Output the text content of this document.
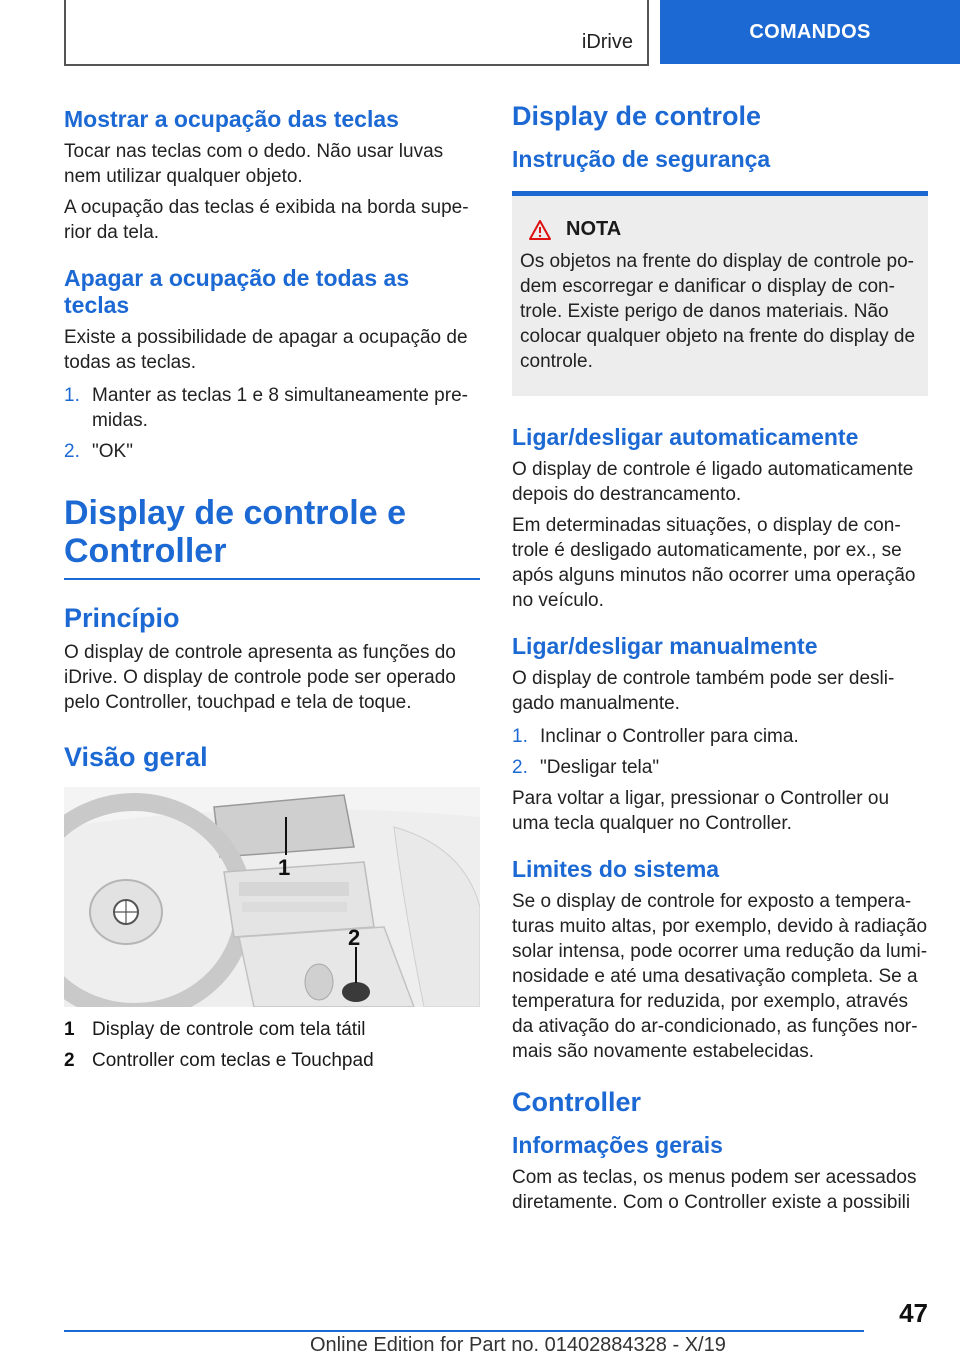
iDrive	COMANDOS
Mostrar a ocupação das teclas
Tocar nas teclas com o dedo. Não usar luvas nem utilizar qualquer objeto.
A ocupação das teclas é exibida na borda superior da tela.
Apagar a ocupação de todas as teclas
Existe a possibilidade de apagar a ocupação de todas as teclas.
1. Manter as teclas 1 e 8 simultaneamente premidas.
2. "OK"
Display de controle e Controller
Princípio
O display de controle apresenta as funções do iDrive. O display de controle pode ser operado pelo Controller, touchpad e tela de toque.
Visão geral
1
2
1 Display de controle com tela tátil
2 Controller com teclas e Touchpad
Display de controle
Instrução de segurança
NOTA
Os objetos na frente do display de controle podem escorregar e danificar o display de controle. Existe perigo de danos materiais. Não colocar qualquer objeto na frente do display de controle.
Ligar/desligar automaticamente
O display de controle é ligado automaticamente depois do destrancamento.
Em determinadas situações, o display de controle é desligado automaticamente, por ex., se após alguns minutos não ocorrer uma operação no veículo.
Ligar/desligar manualmente
O display de controle também pode ser desligado manualmente.
1. Inclinar o Controller para cima.
2. "Desligar tela"
Para voltar a ligar, pressionar o Controller ou uma tecla qualquer no Controller.
Limites do sistema
Se o display de controle for exposto a temperaturas muito altas, por exemplo, devido à radiação solar intensa, pode ocorrer uma redução da luminosidade e até uma desativação completa. Se a temperatura for reduzida, por exemplo, através da ativação do ar-condicionado, as funções normais são novamente estabelecidas.
Controller
Informações gerais
Com as teclas, os menus podem ser acessados diretamente. Com o Controller existe a possibili
47
Online Edition for Part no. 01402884328 - X/19
